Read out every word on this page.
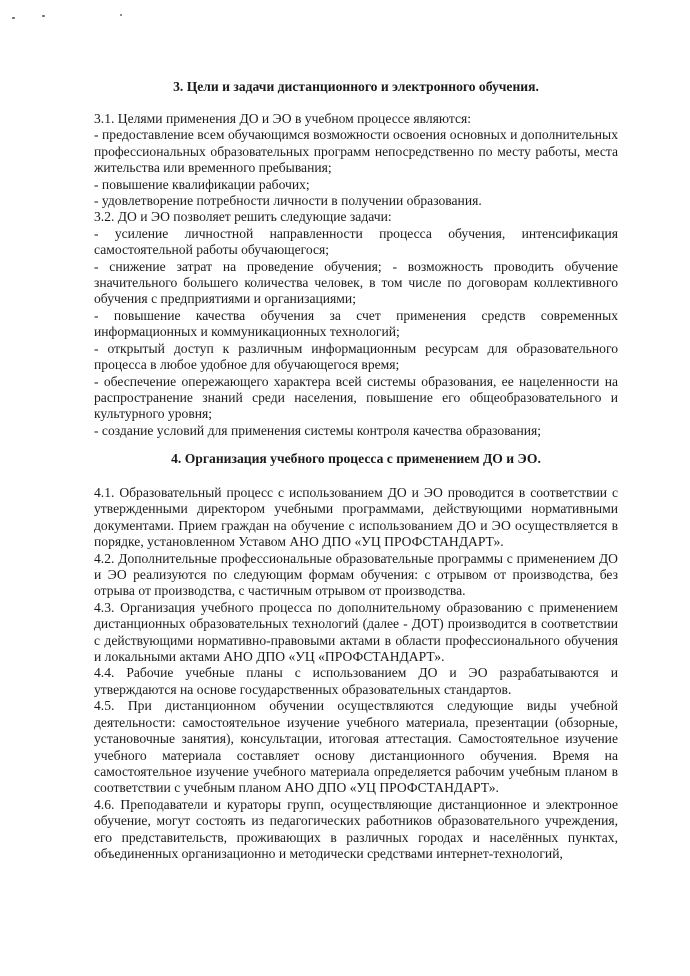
3. Цели и задачи дистанционного и электронного обучения.

3.1. Целями применения ДО и ЭО в учебном процессе являются:

- предоставление всем обучающимся возможности освоения основных и дополнительных профессиональных образовательных программ непосредственно по месту работы, места жительства или временного пребывания;

- повышение квалификации рабочих;

- удовлетворение потребности личности в получении образования.

3.2. ДО и ЭО позволяет решить следующие задачи:

- усиление личностной направленности процесса обучения, интенсификация самостоятельной работы обучающегося;

- снижение затрат на проведение обучения; - возможность проводить обучение значительного большего количества человек, в том числе по договорам коллективного обучения с предприятиями и организациями;

- повышение качества обучения за счет применения средств современных информационных и коммуникационных технологий;

- открытый доступ к различным информационным ресурсам для образовательного процесса в любое удобное для обучающегося время;

- обеспечение опережающего характера всей системы образования, ее нацеленности на распространение знаний среди населения, повышение его общеобразовательного и культурного уровня;

- создание условий для применения системы контроля качества образования;

4. Организация учебного процесса с применением ДО и ЭО.

4.1. Образовательный процесс с использованием ДО и ЭО проводится в соответствии с утвержденными директором учебными программами, действующими нормативными документами. Прием граждан на обучение с использованием ДО и ЭО осуществляется в порядке, установленном Уставом АНО ДПО «УЦ ПРОФСТАНДАРТ».

4.2. Дополнительные профессиональные образовательные программы с применением ДО и ЭО реализуются по следующим формам обучения: с отрывом от производства, без отрыва от производства, с частичным отрывом от производства.

4.3. Организация учебного процесса по дополнительному образованию с применением дистанционных образовательных технологий (далее - ДОТ) производится в соответствии с действующими нормативно-правовыми актами в области профессионального обучения и локальными актами АНО ДПО «УЦ «ПРОФСТАНДАРТ».

4.4. Рабочие учебные планы с использованием ДО и ЭО разрабатываются и утверждаются на основе государственных образовательных стандартов.

4.5. При дистанционном обучении осуществляются следующие виды учебной деятельности: самостоятельное изучение учебного материала, презентации (обзорные, установочные занятия), консультации, итоговая аттестация. Самостоятельное изучение учебного материала составляет основу дистанционного обучения. Время на самостоятельное изучение учебного материала определяется рабочим учебным планом в соответствии с учебным планом АНО ДПО «УЦ ПРОФСТАНДАРТ».

4.6. Преподаватели и кураторы групп, осуществляющие дистанционное и электронное обучение, могут состоять из педагогических работников образовательного учреждения, его представительств, проживающих в различных городах и населённых пунктах, объединенных организационно и методически средствами интернет-технологий,
